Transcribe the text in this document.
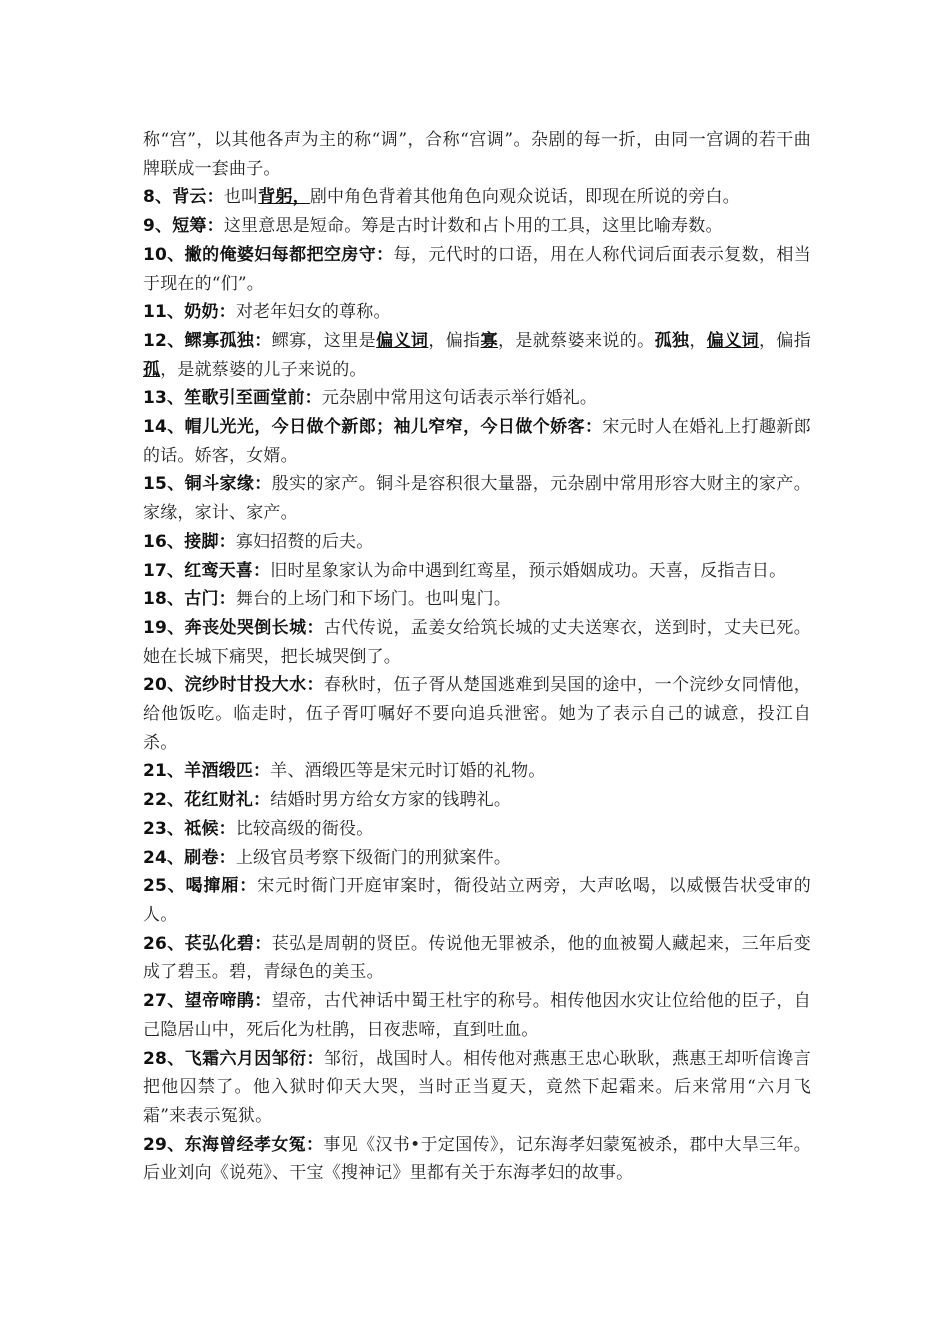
称“宫”，以其他各声为主的称“调”，合称“宫调”。杂剧的每一折，由同一宫调的若干曲牌联成一套曲子。

8、背云：也叫背躬，剧中角色背着其他角色向观众说话，即现在所说的旁白。

9、短筹：这里意思是短命。筹是古时计数和占卜用的工具，这里比喻寿数。

10、撇的俺婆妇每都把空房守：每，元代时的口语，用在人称代词后面表示复数，相当于现在的“们”。

11、奶奶：对老年妇女的尊称。

12、鳏寡孤独：鳏寡，这里是偏义词，偏指寡，是就蔡婆来说的。孤独，偏义词，偏指孤，是就蔡婆的儿子来说的。

13、笙歌引至画堂前：元杂剧中常用这句话表示举行婚礼。

14、帽儿光光，今日做个新郎；袖儿窄窄，今日做个娇客：宋元时人在婚礼上打趣新郎的话。娇客，女婿。

15、铜斗家缘：殷实的家产。铜斗是容积很大量器，元杂剧中常用形容大财主的家产。家缘，家计、家产。

16、接脚：寡妇招赘的后夫。

17、红鸾天喜：旧时星象家认为命中遇到红鸾星，预示婚姻成功。天喜，反指吉日。

18、古门：舞台的上场门和下场门。也叫鬼门。

19、奔丧处哭倒长城：古代传说，孟姜女给筑长城的丈夫送寒衣，送到时，丈夫已死。她在长城下痛哭，把长城哭倒了。

20、浣纱时甘投大水：春秋时，伍子胥从楚国逃难到吴国的途中，一个浣纱女同情他，给他饭吃。临走时，伍子胥叮嘱好不要向追兵泄密。她为了表示自己的诚意，投江自杀。

21、羊酒缎匹：羊、酒缎匹等是宋元时订婚的礼物。

22、花红财礼：结婚时男方给女方家的钱聘礼。

23、祗候：比较高级的衙役。

24、刷卷：上级官员考察下级衙门的刑狱案件。

25、喝撺厢：宋元时衙门开庭审案时，衙役站立两旁，大声吆喝，以威慑告状受审的人。

26、苌弘化碧：苌弘是周朝的贤臣。传说他无罪被杀，他的血被蜀人藏起来，三年后变成了碧玉。碧，青绿色的美玉。

27、望帝啼鹃：望帝，古代神话中蜀王杜宇的称号。相传他因水灾让位给他的臣子，自己隐居山中，死后化为杜鹃，日夜悲啼，直到吐血。

28、飞霜六月因邹衍：邹衍，战国时人。相传他对燕惠王忠心耿耿，燕惠王却听信谗言把他囚禁了。他入狱时仰天大哭，当时正当夏天，竟然下起霜来。后来常用“六月飞霜”来表示冤狱。

29、东海曾经孝女冤：事见《汉书•于定国传》，记东海孝妇蒙冤被杀，郡中大旱三年。后业刘向《说苑》、干宝《搜神记》里都有关于东海孝妇的故事。
